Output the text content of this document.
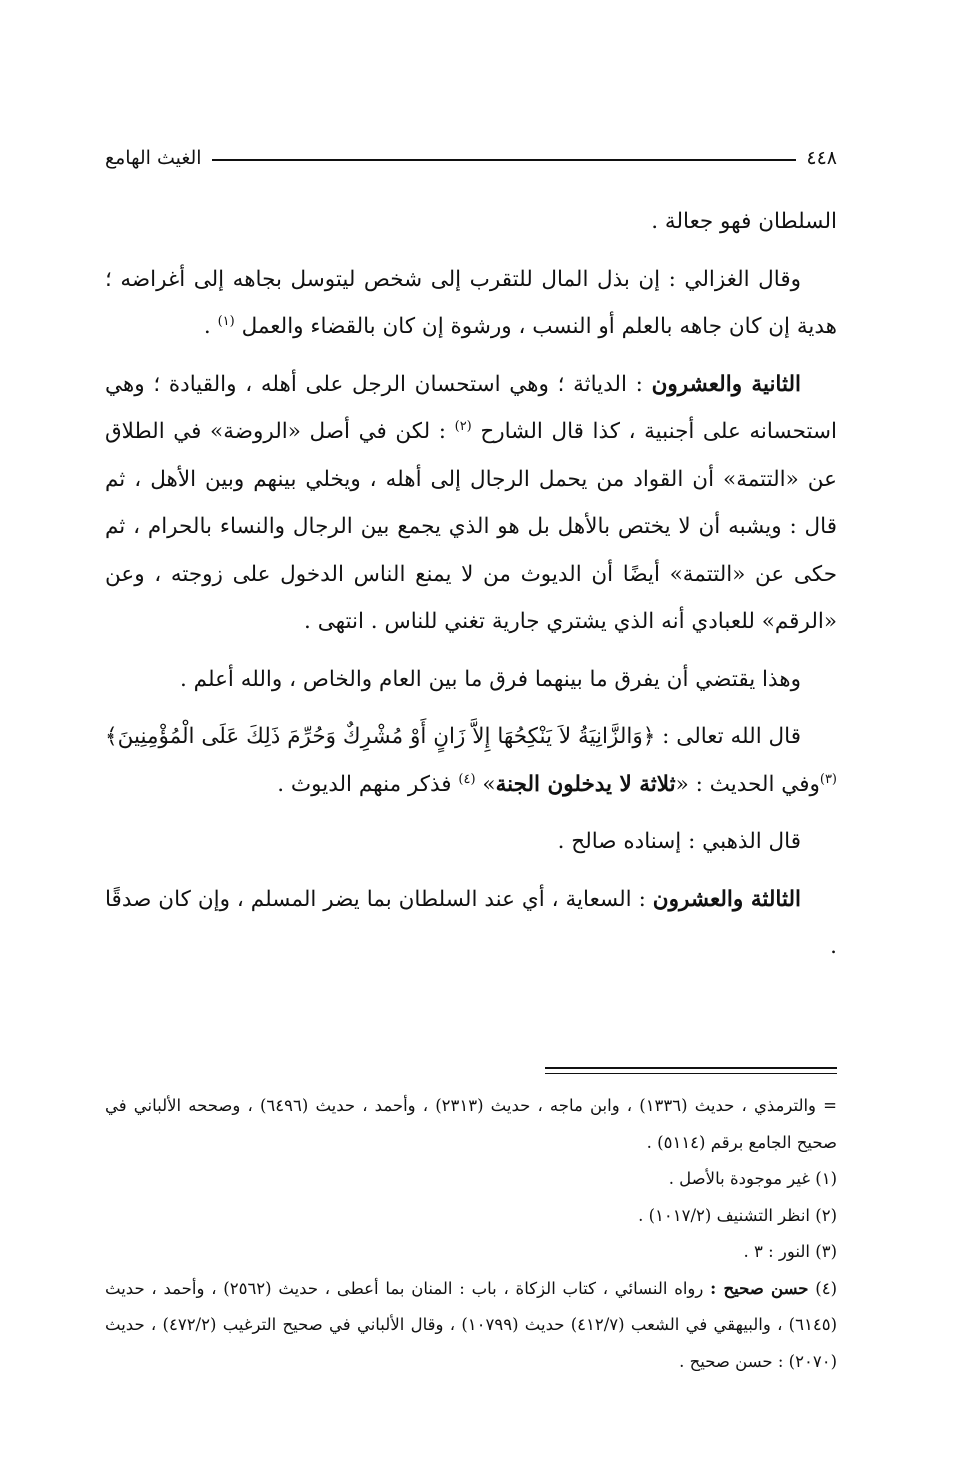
٤٤٨
الغيث الهامع

السلطان فهو جعالة .

وقال الغزالي : إن بذل المال للتقرب إلى شخص ليتوسل بجاهه إلى أغراضه ؛ هدية إن كان جاهه بالعلم أو النسب ، ورشوة إن كان بالقضاء والعمل $^{(١)}$ .

الثانية والعشرون : الدياثة ؛ وهي استحسان الرجل على أهله ، والقيادة ؛ وهي استحسانه على أجنبية ، كذا قال الشارح $^{(٢)}$ : لكن في أصل «الروضة» في الطلاق عن «التتمة» أن القواد من يحمل الرجال إلى أهله ، ويخلي بينهم وبين الأهل ، ثم قال : ويشبه أن لا يختص بالأهل بل هو الذي يجمع بين الرجال والنساء بالحرام ، ثم حكى عن «التتمة» أيضًا أن الديوث من لا يمنع الناس الدخول على زوجته ، وعن «الرقم» للعبادي أنه الذي يشتري جارية تغني للناس . انتهى .

وهذا يقتضي أن يفرق ما بينهما فرق ما بين العام والخاص ، والله أعلم .

قال الله تعالى : ﴿وَالزَّانِيَةُ لاَ يَنْكِحُهَا إِلاَّ زَانٍ أَوْ مُشْرِكٌ وَحُرِّمَ ذَلِكَ عَلَى الْمُؤْمِنِينَ﴾ $^{(٣)}$وفي الحديث : «ثلاثة لا يدخلون الجنة» $^{(٤)}$ فذكر منهم الديوث .

قال الذهبي : إسناده صالح .

الثالثة والعشرون : السعاية ، أي عند السلطان بما يضر المسلم ، وإن كان صدقًا .

= والترمذي ، حديث (١٣٣٦) ، وابن ماجه ، حديث (٢٣١٣) ، وأحمد ، حديث (٦٤٩٦) ، وصححه الألباني في صحيح الجامع برقم (٥١١٤) .

(١) غير موجودة بالأصل .

(٢) انظر التشنيف (١٠١٧/٢) .

(٣) النور : ٣ .

(٤) حسن صحيح : رواه النسائي ، كتاب الزكاة ، باب : المنان بما أعطى ، حديث (٢٥٦٢) ، وأحمد ، حديث (٦١٤٥) ، والبيهقي في الشعب (٤١٢/٧) حديث (١٠٧٩٩) ، وقال الألباني في صحيح الترغيب (٤٧٢/٢) ، حديث (٢٠٧٠) : حسن صحيح .
